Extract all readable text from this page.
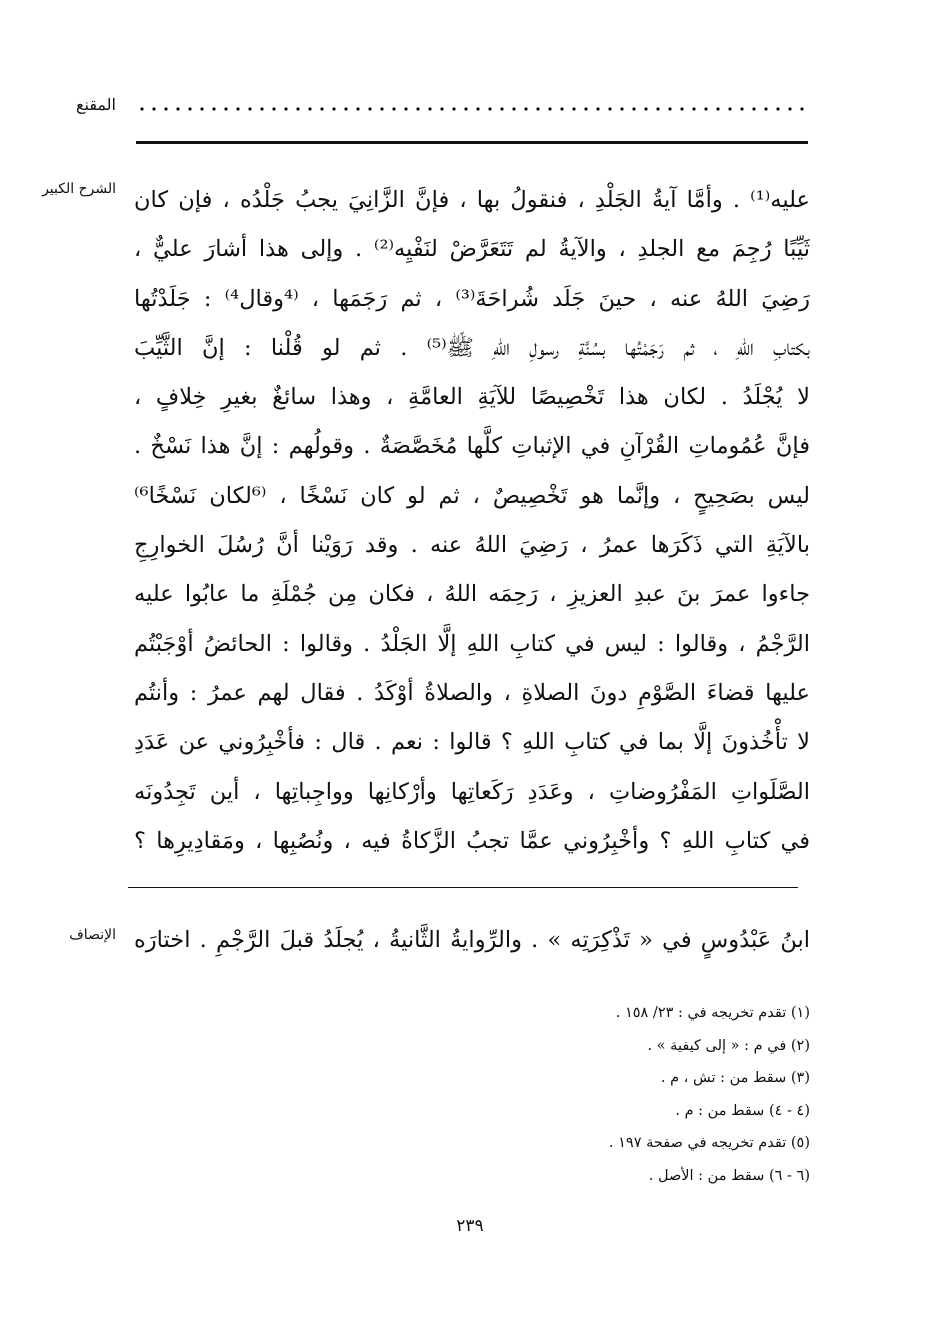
المقنع
الشرح الكبير عليه⁽¹⁾ . وأمَّا آيةُ الجَلْدِ ، فنقولُ بها ، فإنَّ الزَّانِيَ يجبُ جَلْدُه ، فإن كان
ثَيِّبًا رُجِمَ مع الجلدِ ، والآيةُ لم تَتَعَرَّضْ لنَفْيِه⁽²⁾ . وإلى هذا أشارَ عليٌّ ،
رَضِيَ اللهُ عنه ، حينَ جَلَد شُراحَةَ⁽³⁾ ، ثم رَجَمَها ، ⁽⁴وقال⁴⁾ : جَلَدْتُها
بكتابِ اللهِ ، ثم رَجَمْتُها بسُنَّةِ رسولِ اللهِ ﷺ⁽⁵⁾ . ثم لو قُلْنا : إنَّ الثَّيِّبَ
لا يُجْلَدُ . لكان هذا تَخْصِيصًا للآيَةِ العامَّةِ ، وهذا سائغٌ بغيرِ خِلافٍ ،
فإنَّ عُمُوماتِ القُرْآنِ في الإثباتِ كلَّها مُخَصَّصَةٌ . وقولُهم : إنَّ هذا نَسْخٌ .
ليس بصَحِيحٍ ، وإنَّما هو تَخْصِيصٌ ، ثم لو كان نَسْخًا ، ⁽⁶لكان نَسْخًا⁶⁾
بالآيَةِ التي ذَكَرَها عمرُ ، رَضِيَ اللهُ عنه . وقد رَوَيْنا أنَّ رُسُلَ الخوارِجِ
جاءوا عمرَ بنَ عبدِ العزيزِ ، رَحِمَه اللهُ ، فكان مِن جُمْلَةِ ما عابُوا عليه
الرَّجْمُ ، وقالوا : ليس في كتابِ اللهِ إلَّا الجَلْدُ . وقالوا : الحائضُ أوْجَبْتُم
عليها قضاءَ الصَّوْمِ دونَ الصلاةِ ، والصلاةُ أوْكَدُ . فقال لهم عمرُ : وأنتُم
لا تأْخُذونَ إلَّا بما في كتابِ اللهِ ؟ قالوا : نعم . قال : فأخْبِرُوني عن عَدَدِ
الصَّلَواتِ المَفْرُوضاتِ ، وعَدَدِ رَكَعاتِها وأرْكانِها وواجِباتِها ، أين تَجِدُونَه
في كتابِ اللهِ ؟ وأخْبِرُوني عمَّا تجبُ الزَّكاةُ فيه ، ونُصُبِها ، ومَقادِيرِها ؟
الإنصاف ابنُ عَبْدُوسٍ في « تَذْكِرَتِه » . والرِّوايةُ الثَّانيةُ ، يُجلَدُ قبلَ الرَّجْمِ . اختارَه
(١) تقدم تخريجه في : ٢٣/ ١٥٨ .
(٢) في م : « إلى كيفية » .
(٣) سقط من : تش ، م .
(٤ - ٤) سقط من : م .
(٥) تقدم تخريجه في صفحة ١٩٧ .
(٦ - ٦) سقط من : الأصل .
٢٣٩
